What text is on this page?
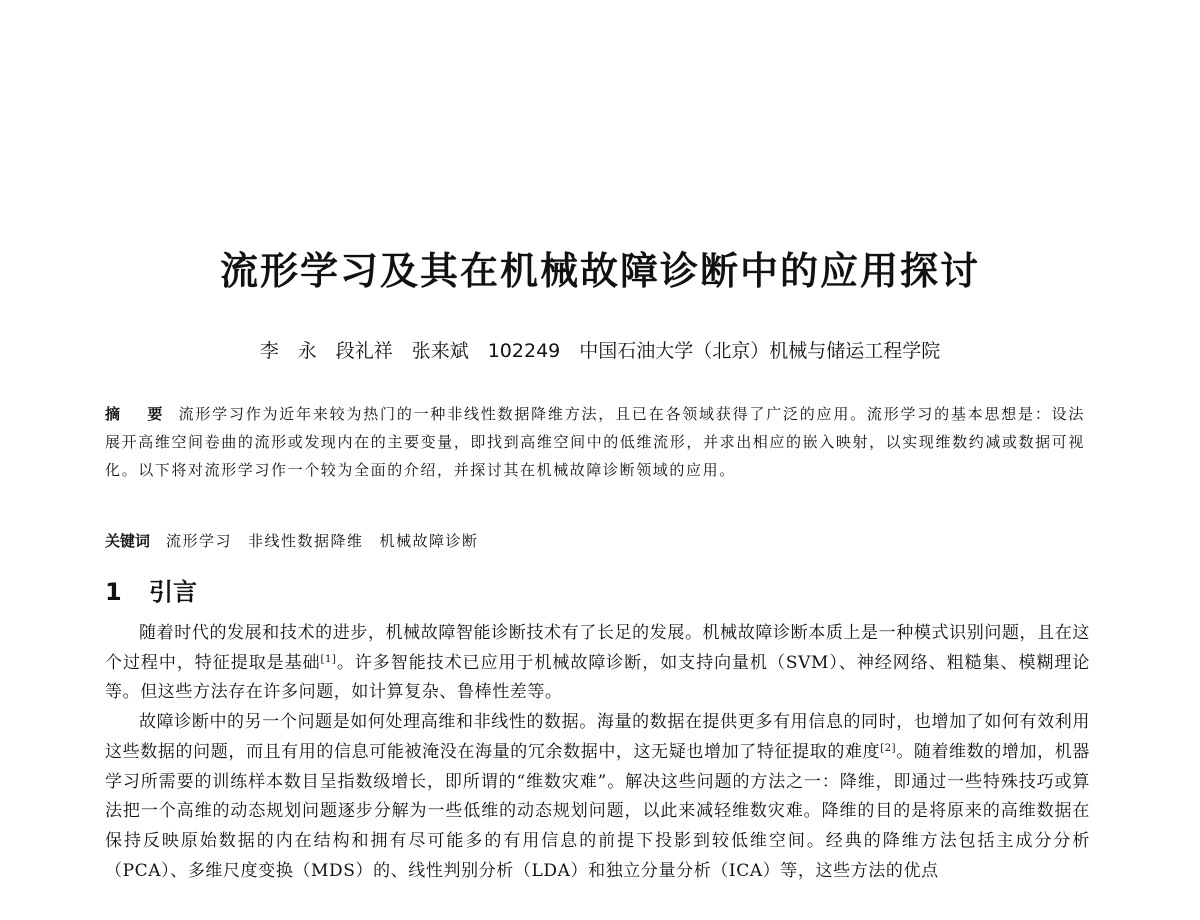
流形学习及其在机械故障诊断中的应用探讨
李　永　段礼祥　张来斌　102249　中国石油大学（北京）机械与储运工程学院
摘　要 流形学习作为近年来较为热门的一种非线性数据降维方法，且已在各领域获得了广泛的应用。流形学习的基本思想是：设法展开高维空间卷曲的流形或发现内在的主要变量，即找到高维空间中的低维流形，并求出相应的嵌入映射，以实现维数约减或数据可视化。以下将对流形学习作一个较为全面的介绍，并探讨其在机械故障诊断领域的应用。
关键词 流形学习 非线性数据降维 机械故障诊断
1 引言

随着时代的发展和技术的进步，机械故障智能诊断技术有了长足的发展。机械故障诊断本质上是一种模式识别问题，且在这个过程中，特征提取是基础[1]。许多智能技术已应用于机械故障诊断，如支持向量机（SVM）、神经网络、粗糙集、模糊理论等。但这些方法存在许多问题，如计算复杂、鲁棒性差等。

故障诊断中的另一个问题是如何处理高维和非线性的数据。海量的数据在提供更多有用信息的同时，也增加了如何有效利用这些数据的问题，而且有用的信息可能被淹没在海量的冗余数据中，这无疑也增加了特征提取的难度[2]。随着维数的增加，机器学习所需要的训练样本数目呈指数级增长，即所谓的“维数灾难”。解决这些问题的方法之一：降维，即通过一些特殊技巧或算法把一个高维的动态规划问题逐步分解为一些低维的动态规划问题，以此来减轻维数灾难。降维的目的是将原来的高维数据在保持反映原始数据的内在结构和拥有尽可能多的有用信息的前提下投影到较低维空间。经典的降维方法包括主成分分析（PCA）、多维尺度变换（MDS）的、线性判别分析（LDA）和独立分量分析（ICA）等，这些方法的优点
